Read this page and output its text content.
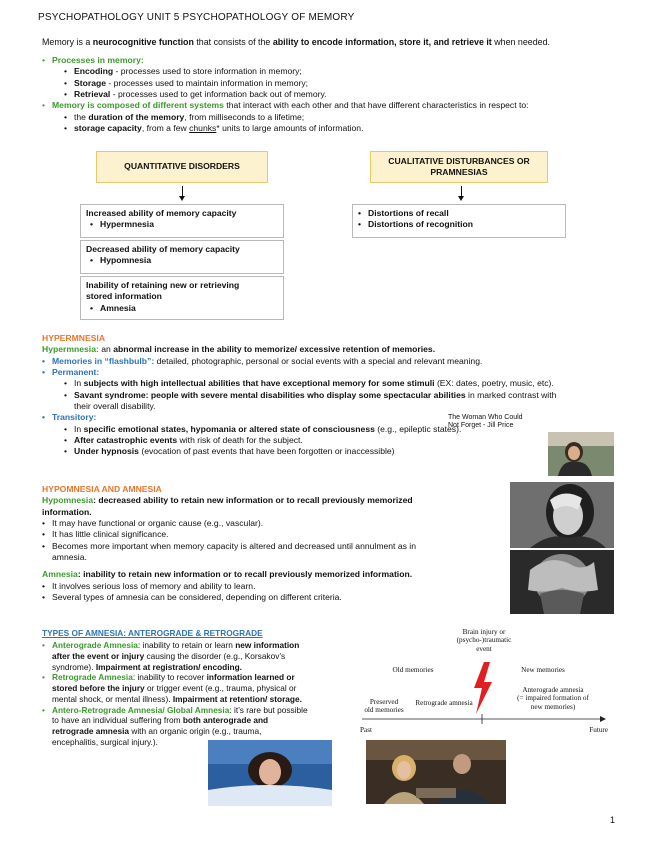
PSYCHOPATHOLOGY UNIT 5 PSYCHOPATHOLOGY OF MEMORY

Memory is a neurocognitive function that consists of the ability to encode information, store it, and retrieve it when needed.

• Processes in memory:

• Encoding - processes used to store information in memory;

• Storage - processes used to maintain information in memory;

• Retrieval - processes used to get information back out of memory.

• Memory is composed of different systems that interact with each other and that have different characteristics in respect to:

• the duration of the memory, from milliseconds to a lifetime;

• storage capacity, from a few chunks* units to large amounts of information.

QUANTITATIVE DISORDERS	CUALITATIVE DISTURBANCES OR
PRAMNESIAS

Increased ability of memory capacity

• Hypermnesia

Decreased ability of memory capacity

• Hypomnesia

Inability of retaining new or retrieving

stored information

• Amnesia

• Distortions of recall

• Distortions of recognition

HYPERMNESIA

Hypermnesia: an abnormal increase in the ability to memorize/ excessive retention of memories.

• Memories in “flashbulb”: detailed, photographic, personal or social events with a special and relevant meaning.

• Permanent:

• In subjects with high intellectual abilities that have exceptional memory for some stimuli (EX: dates, poetry, music, etc).

• Savant syndrome: people with severe mental disabilities who display some spectacular abilities in marked contrast with

their overall disability.

• Transitory:

• In specific emotional states, hypomania or altered state of consciousness (e.g., epileptic states).

• After catastrophic events with risk of death for the subject.

• Under hypnosis (evocation of past events that have been forgotten or inaccessible)

The Woman Who Could
Not Forget - Jill Price

HYPOMNESIA AND AMNESIA

Hypomnesia: decreased ability to retain new information or to recall previously memorized

information.

• It may have functional or organic cause (e.g., vascular).

• It has little clinical significance.

• Becomes more important when memory capacity is altered and decreased until annulment as in

amnesia.

Amnesia: inability to retain new information or to recall previously memorized information.

• It involves serious loss of memory and ability to learn.

• Several types of amnesia can be considered, depending on different criteria.

TYPES OF AMNESIA: ANTEROGRADE & RETROGRADE

• Anterograde Amnesia: inability to retain or learn new information

after the event or injury causing the disorder (e.g., Korsakov’s

syndrome). Impairment at registration/ encoding.

• Retrograde Amnesia: inability to recover information learned or

stored before the injury or trigger event (e.g., trauma, physical or

mental shock, or mental illness). Impairment at retention/ storage.

• Antero-Retrograde Amnesia/ Global Amnesia: it’s rare but possible

to have an individual suffering from both anterograde and

retrograde amnesia with an organic origin (e.g., trauma,

encephalitis, surgical injury.).

Brain injury or
(psycho-)traumatic
event
Old memories	New memories
Anterograde amnesia
(= impaired formation of
new memories)
Preserved
old memories
Retrograde amnesia
Past	Future

1
